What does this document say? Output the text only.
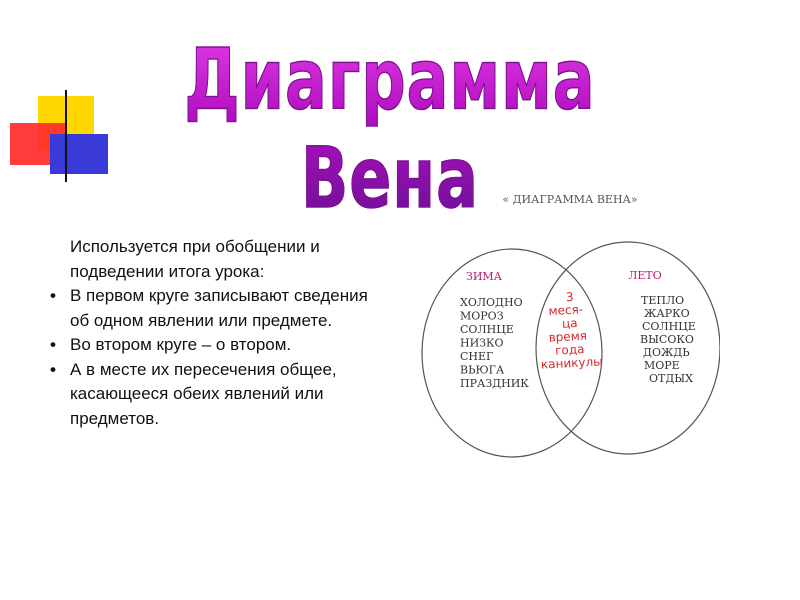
Диаграмма Вена

Используется при обобщении и подведении итога урока:

• В первом круге записывают сведения об одном явлении или предмете.

• Во втором круге – о втором.

• А в месте их пересечения общее, касающееся обеих явлений или предметов.

« ДИАГРАММА ВЕНА»
ЗИМА	ЛЕТО
ХОЛОДНО
МОРОЗ
СОЛНЦЕ
НИЗКО
СНЕГ
ВЬЮГА
ПРАЗДНИК
ТЕПЛО
ЖАРКО
СОЛНЦЕ
ВЫСОКО
ДОЖДЬ
МОРЕ
ОТДЫХ
3
меся-
ца
время
года
каникулы
